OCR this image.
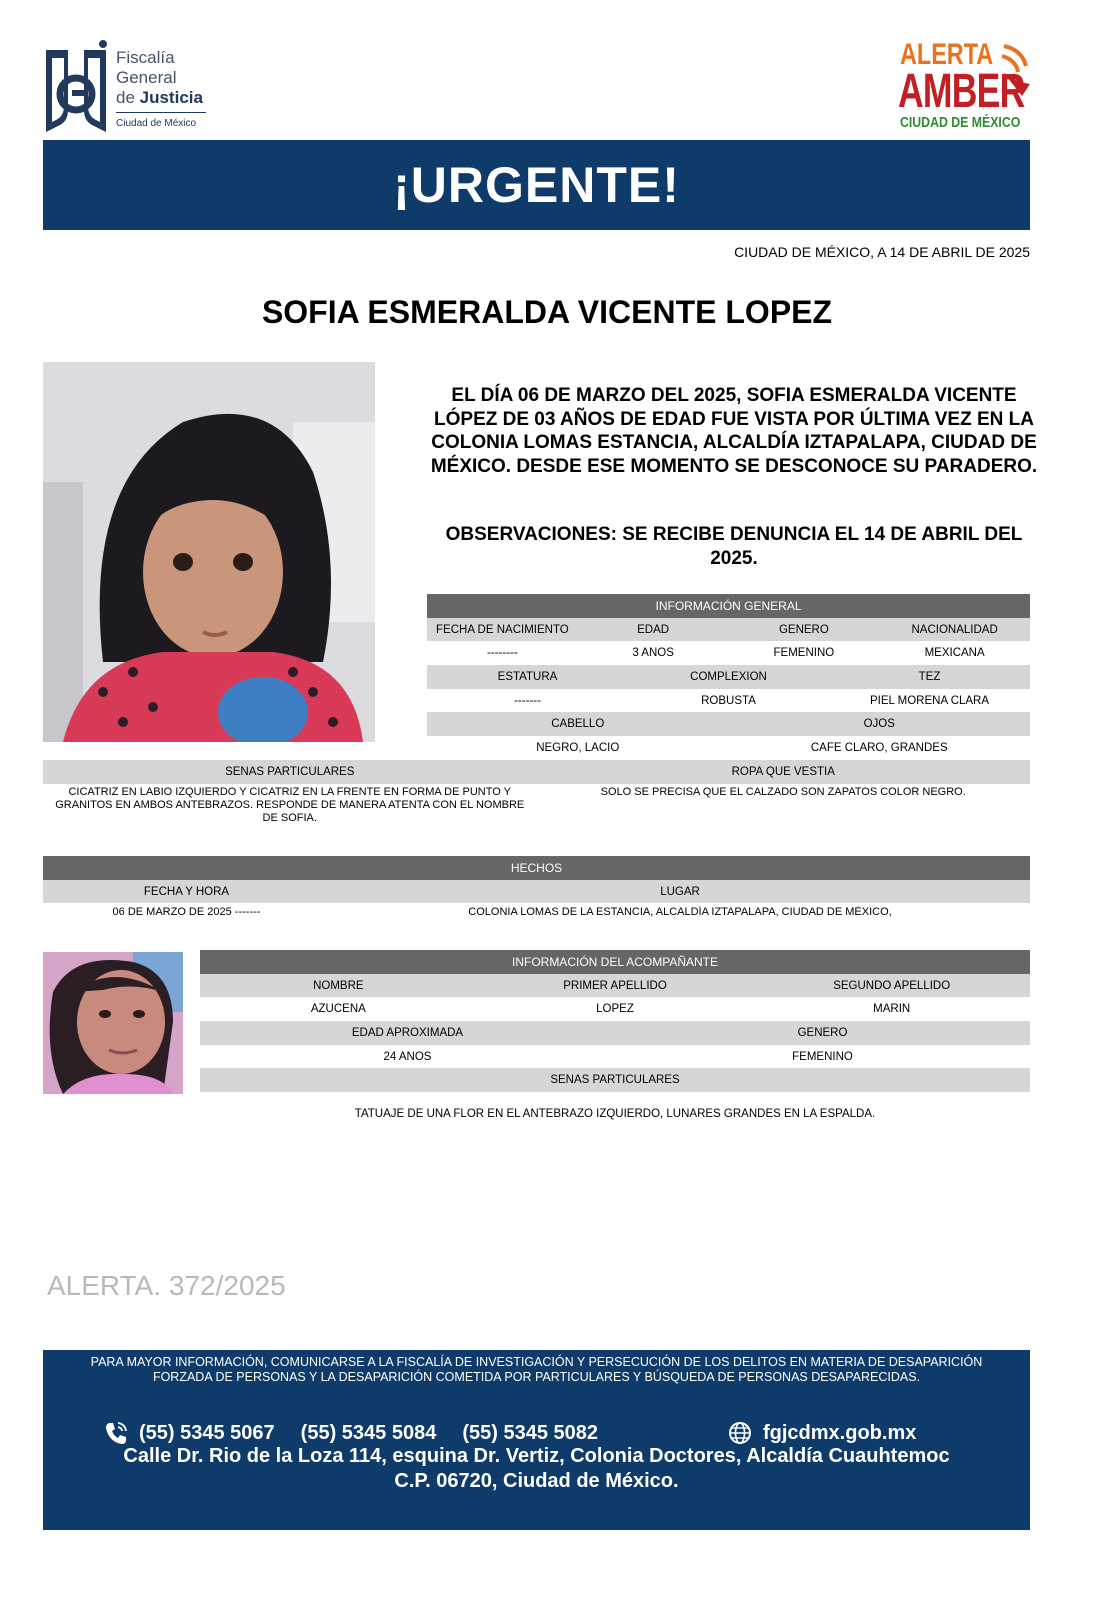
Fiscalía
General
de Justicia
Ciudad de México
ALERTA
AMBER
CIUDAD DE MÉXICO
¡URGENTE!
CIUDAD DE MÉXICO, A 14 DE ABRIL DE 2025
SOFIA ESMERALDA VICENTE LOPEZ
EL DÍA 06 DE MARZO DEL 2025, SOFIA ESMERALDA VICENTE LÓPEZ DE 03 AÑOS DE EDAD FUE VISTA POR ÚLTIMA VEZ EN LA COLONIA LOMAS ESTANCIA, ALCALDÍA IZTAPALAPA, CIUDAD DE MÉXICO. DESDE ESE MOMENTO SE DESCONOCE SU PARADERO.
OBSERVACIONES: SE RECIBE DENUNCIA EL 14 DE ABRIL DEL 2025.
INFORMACIÓN GENERAL
FECHA DE NACIMIENTO	EDAD	GÉNERO	NACIONALIDAD
--------	3 AÑOS	FEMENINO	MEXICANA
ESTATURA	COMPLEXIÓN	TEZ
-------	ROBUSTA	PIEL MORENA CLARA
CABELLO	OJOS
NEGRO, LACIO	CAFE CLARO, GRANDES
SEÑAS PARTICULARES	ROPA QUE VESTÍA
CICATRIZ EN LABIO IZQUIERDO Y CICATRIZ EN LA FRENTE EN FORMA DE PUNTO Y GRANITOS EN AMBOS ANTEBRAZOS. RESPONDE DE MANERA ATENTA CON EL NOMBRE DE SOFIA.
SOLO SE PRECISA QUE EL CALZADO SON ZAPATOS COLOR NEGRO.
HECHOS
FECHA Y HORA	LUGAR
06 DE MARZO DE 2025 -------	COLONIA LOMAS DE LA ESTANCIA, ALCALDÍA IZTAPALAPA, CIUDAD DE MÉXICO,
INFORMACIÓN DEL ACOMPAÑANTE
NOMBRE	PRIMER APELLIDO	SEGUNDO APELLIDO
AZUCENA	LOPEZ	MARIN
EDAD APROXIMADA	GÉNERO
24 AÑOS	FEMENINO
SEÑAS PARTICULARES
TATUAJE DE UNA FLOR EN EL ANTEBRAZO IZQUIERDO, LUNARES GRANDES EN LA ESPALDA.
ALERTA. 372/2025
PARA MAYOR INFORMACIÓN, COMUNICARSE A LA FISCALÍA DE INVESTIGACIÓN Y PERSECUCIÓN DE LOS DELITOS EN MATERIA DE DESAPARICIÓN FORZADA DE PERSONAS Y LA DESAPARICIÓN COMETIDA POR PARTICULARES Y BÚSQUEDA DE PERSONAS DESAPARECIDAS.
(55) 5345 5067 (55) 5345 5084 (55) 5345 5082	fgjcdmx.gob.mx
Calle Dr. Rio de la Loza 114, esquina Dr. Vertiz, Colonia Doctores, Alcaldía Cuauhtemoc
C.P. 06720, Ciudad de México.
